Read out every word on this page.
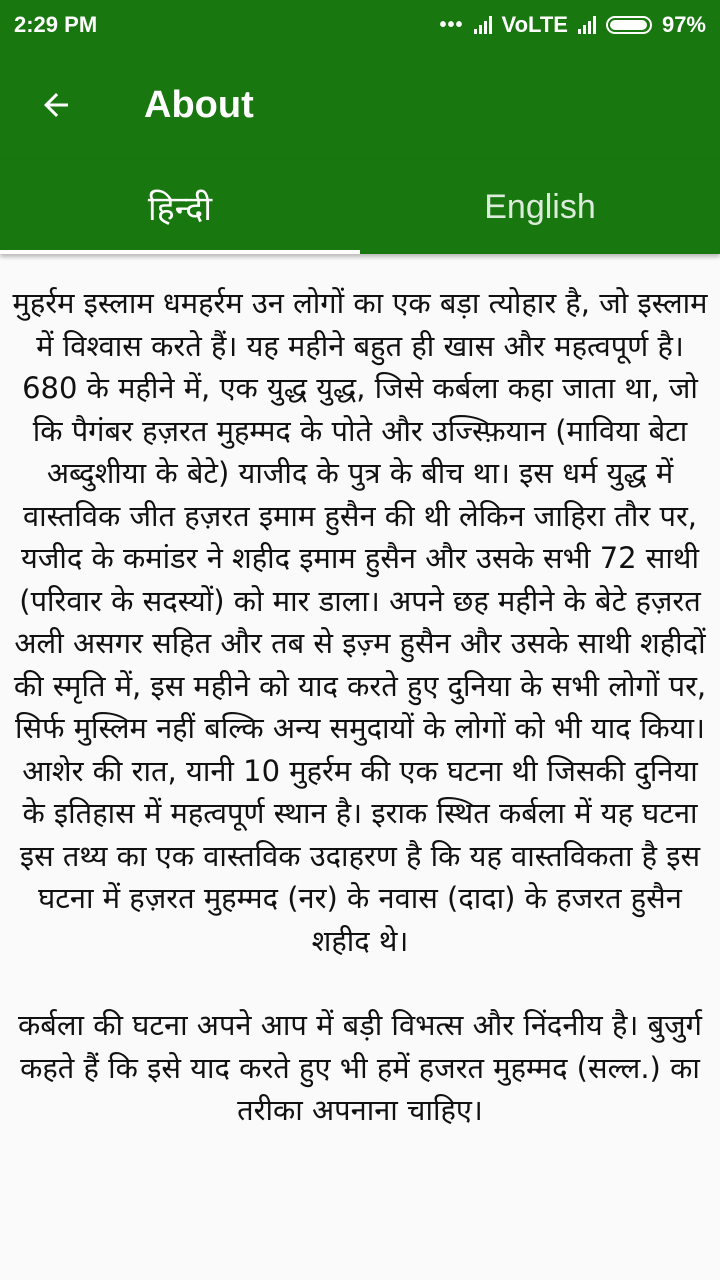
2:29 PM	••• VoLTE	97%
About
हिन्दी	English

मुहर्रम इस्लाम धमहर्रम उन लोगों का एक बड़ा त्योहार है, जो इस्लाम में विश्वास करते हैं। यह महीने बहुत ही खास और महत्वपूर्ण है। 680 के महीने में, एक युद्ध युद्ध, जिसे कर्बला कहा जाता था, जो कि पैगंबर हज़रत मुहम्मद के पोते और उज्स्फ़ियान (माविया बेटा अब्दुशीया के बेटे) याजीद के पुत्र के बीच था। इस धर्म युद्ध में वास्तविक जीत हज़रत इमाम हुसैन की थी लेकिन जाहिरा तौर पर, यजीद के कमांडर ने शहीद इमाम हुसैन और उसके सभी 72 साथी (परिवार के सदस्यों) को मार डाला। अपने छह महीने के बेटे हज़रत अली असगर सहित और तब से इज़्म हुसैन और उसके साथी शहीदों की स्मृति में, इस महीने को याद करते हुए दुनिया के सभी लोगों पर, सिर्फ मुस्लिम नहीं बल्कि अन्य समुदायों के लोगों को भी याद किया। आशेर की रात, यानी 10 मुहर्रम की एक घटना थी जिसकी दुनिया के इतिहास में महत्वपूर्ण स्थान है। इराक स्थित कर्बला में यह घटना इस तथ्य का एक वास्तविक उदाहरण है कि यह वास्तविकता है इस घटना में हज़रत मुहम्मद (नर) के नवास (दादा) के हजरत हुसैन शहीद थे।

कर्बला की घटना अपने आप में बड़ी विभत्स और निंदनीय है। बुजुर्ग कहते हैं कि इसे याद करते हुए भी हमें हजरत मुहम्मद (सल्ल.) का तरीका अपनाना चाहिए।
